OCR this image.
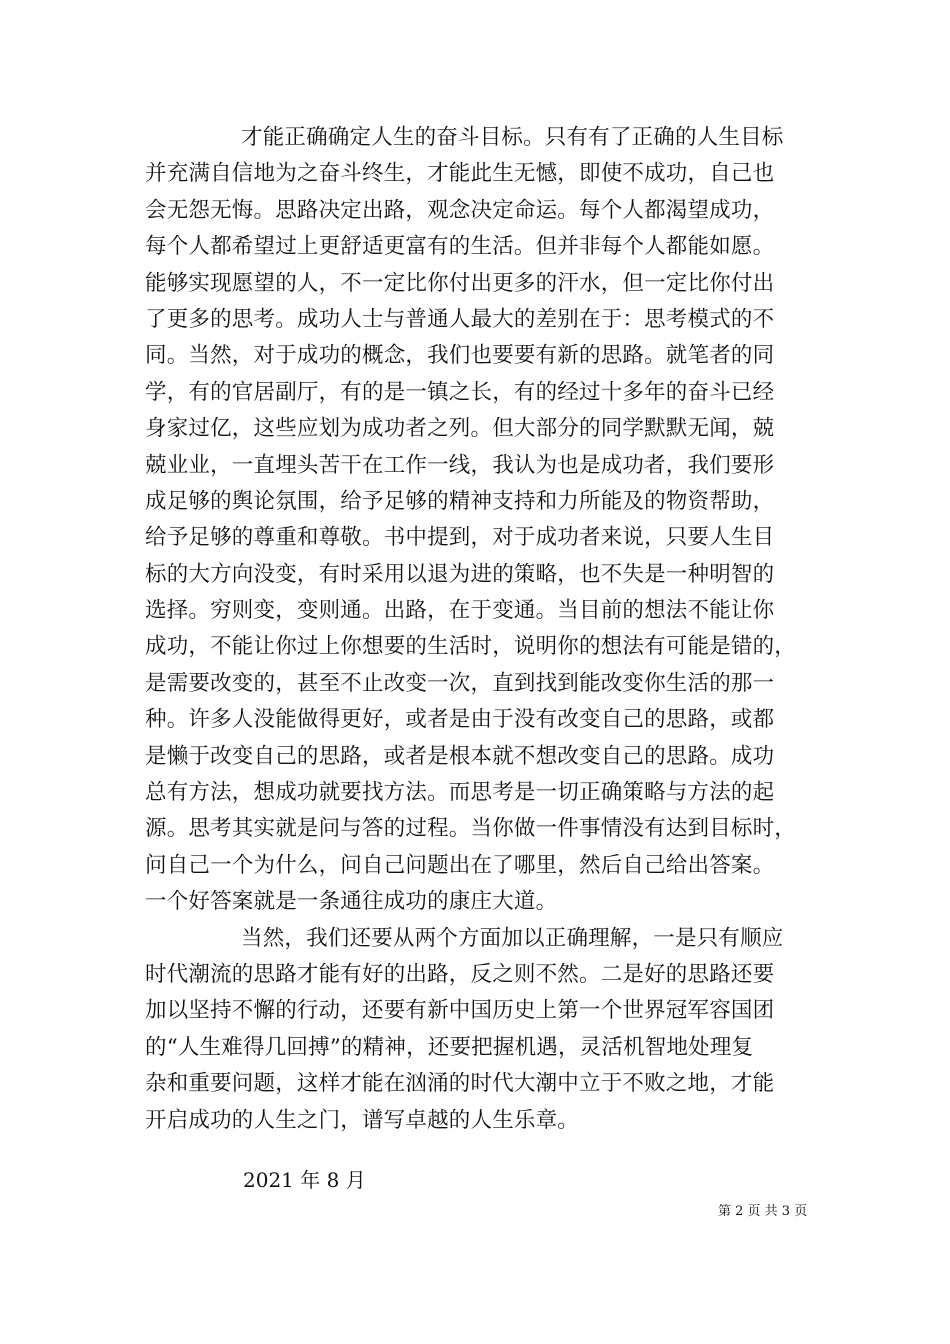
才能正确确定人生的奋斗目标。只有有了正确的人生目标
并充满自信地为之奋斗终生，才能此生无憾，即使不成功，自己也
会无怨无悔。思路决定出路，观念决定命运。每个人都渴望成功，
每个人都希望过上更舒适更富有的生活。但并非每个人都能如愿。
能够实现愿望的人，不一定比你付出更多的汗水，但一定比你付出
了更多的思考。成功人士与普通人最大的差别在于：思考模式的不
同。当然，对于成功的概念，我们也要要有新的思路。就笔者的同
学，有的官居副厅，有的是一镇之长，有的经过十多年的奋斗已经
身家过亿，这些应划为成功者之列。但大部分的同学默默无闻，兢
兢业业，一直埋头苦干在工作一线，我认为也是成功者，我们要形
成足够的舆论氛围，给予足够的精神支持和力所能及的物资帮助，
给予足够的尊重和尊敬。书中提到，对于成功者来说，只要人生目
标的大方向没变，有时采用以退为进的策略，也不失是一种明智的
选择。穷则变，变则通。出路，在于变通。当目前的想法不能让你
成功，不能让你过上你想要的生活时，说明你的想法有可能是错的，
是需要改变的，甚至不止改变一次，直到找到能改变你生活的那一
种。许多人没能做得更好，或者是由于没有改变自己的思路，或都
是懒于改变自己的思路，或者是根本就不想改变自己的思路。成功
总有方法，想成功就要找方法。而思考是一切正确策略与方法的起
源。思考其实就是问与答的过程。当你做一件事情没有达到目标时，
问自己一个为什么，问自己问题出在了哪里，然后自己给出答案。
一个好答案就是一条通往成功的康庄大道。
当然，我们还要从两个方面加以正确理解，一是只有顺应
时代潮流的思路才能有好的出路，反之则不然。二是好的思路还要
加以坚持不懈的行动，还要有新中国历史上第一个世界冠军容国团
的“人生难得几回搏”的精神，还要把握机遇，灵活机智地处理复
杂和重要问题，这样才能在汹涌的时代大潮中立于不败之地，才能
开启成功的人生之门，谱写卓越的人生乐章。
2021 年 8 月
第 2 页 共 3 页
